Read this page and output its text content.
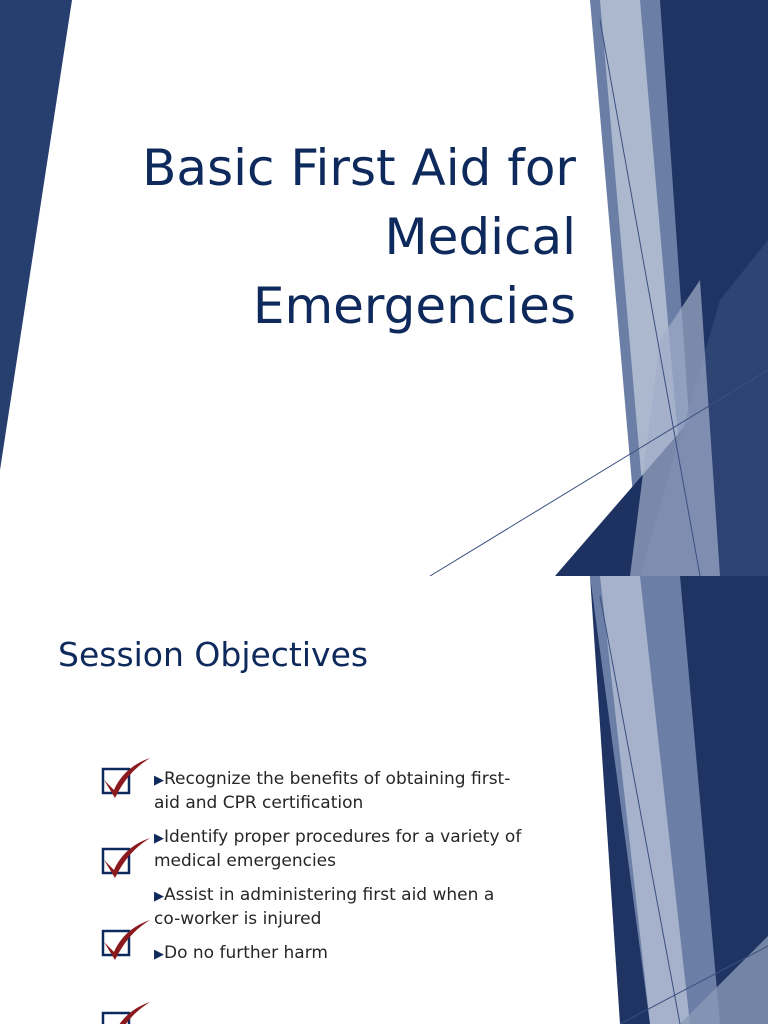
Basic First Aid for
Medical
Emergencies
Session Objectives
▶Recognize the benefits of obtaining first-aid and CPR certification
▶Identify proper procedures for a variety of medical emergencies
▶Assist in administering first aid when a co-worker is injured
▶Do no further harm
